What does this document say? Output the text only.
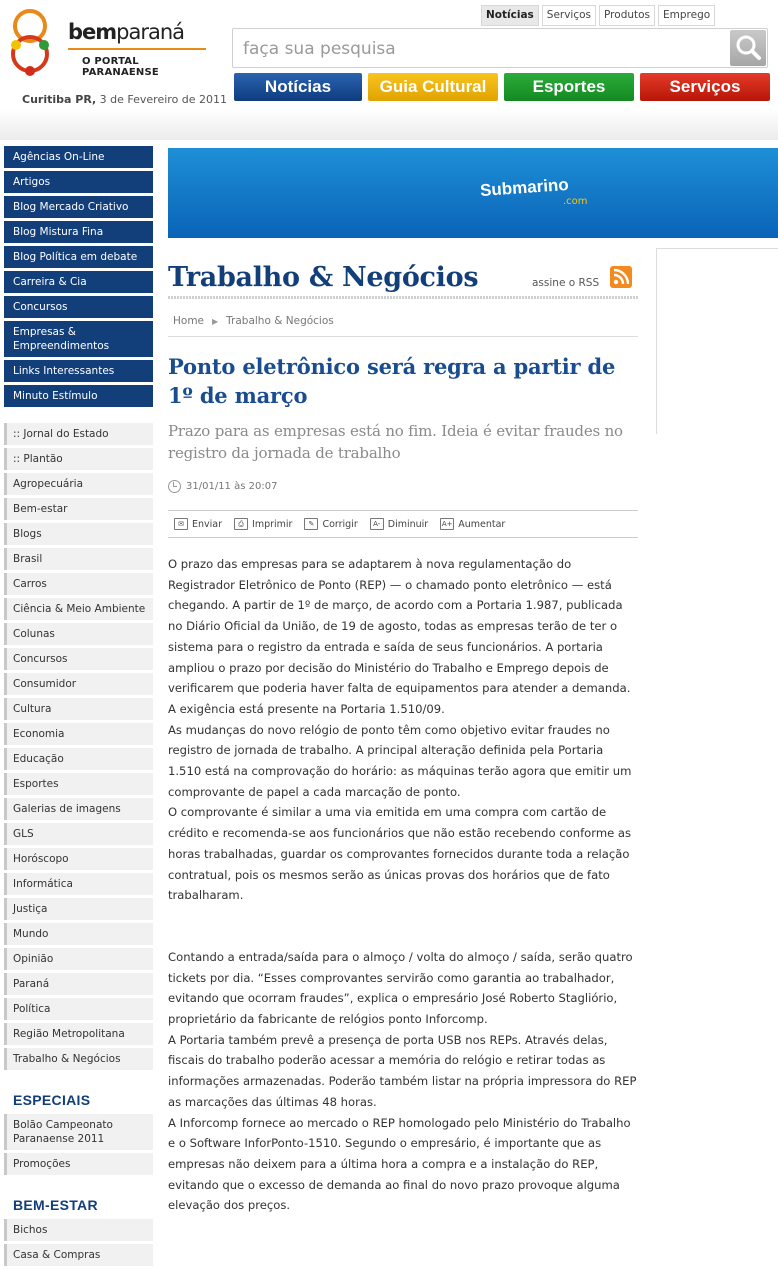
bemparaná
O PORTAL PARANAENSE
Curitiba PR, 3 de Fevereiro de 2011
Notícias	Serviços	Produtos	Emprego
faça sua pesquisa
Notícias	Guia Cultural	Esportes	Serviços
Agências On-Line
Artigos
Blog Mercado Criativo
Blog Mistura Fina
Blog Política em debate
Carreira & Cia
Concursos
Empresas & Empreendimentos
Links Interessantes
Minuto Estímulo
:: Jornal do Estado
:: Plantão
Agropecuária
Bem-estar
Blogs
Brasil
Carros
Ciência & Meio Ambiente
Colunas
Concursos
Consumidor
Cultura
Economia
Educação
Esportes
Galerias de imagens
GLS
Horóscopo
Informática
Justiça
Mundo
Opinião
Paraná
Política
Região Metropolitana
Trabalho & Negócios
ESPECIAIS
Bolão Campeonato Paranaense 2011
Promoções
BEM-ESTAR
Bichos
Casa & Compras
Submarino
.com
Trabalho & Negócios	assine o RSS
Home ▶ Trabalho & Negócios
Ponto eletrônico será regra a partir de 1º de março
Prazo para as empresas está no fim. Ideia é evitar fraudes no registro da jornada de trabalho
31/01/11 às 20:07
✉ Enviar	⎙ Imprimir	✎ Corrigir	A- Diminuir A+ Aumentar

O prazo das empresas para se adaptarem à nova regulamentação do Registrador Eletrônico de Ponto (REP) — o chamado ponto eletrônico — está chegando. A partir de 1º de março, de acordo com a Portaria 1.987, publicada no Diário Oficial da União, de 19 de agosto, todas as empresas terão de ter o sistema para o registro da entrada e saída de seus funcionários. A portaria ampliou o prazo por decisão do Ministério do Trabalho e Emprego depois de verificarem que poderia haver falta de equipamentos para atender a demanda. A exigência está presente na Portaria 1.510/09.

As mudanças do novo relógio de ponto têm como objetivo evitar fraudes no registro de jornada de trabalho. A principal alteração definida pela Portaria 1.510 está na comprovação do horário: as máquinas terão agora que emitir um comprovante de papel a cada marcação de ponto.

O comprovante é similar a uma via emitida em uma compra com cartão de crédito e recomenda-se aos funcionários que não estão recebendo conforme as horas trabalhadas, guardar os comprovantes fornecidos durante toda a relação contratual, pois os mesmos serão as únicas provas dos horários que de fato trabalharam.

Contando a entrada/saída para o almoço / volta do almoço / saída, serão quatro tickets por dia. “Esses comprovantes servirão como garantia ao trabalhador, evitando que ocorram fraudes”, explica o empresário José Roberto Stagliório, proprietário da fabricante de relógios ponto Inforcomp.

A Portaria também prevê a presença de porta USB nos REPs. Através delas, fiscais do trabalho poderão acessar a memória do relógio e retirar todas as informações armazenadas. Poderão também listar na própria impressora do REP as marcações das últimas 48 horas.

A Inforcomp fornece ao mercado o REP homologado pelo Ministério do Trabalho e o Software InforPonto-1510. Segundo o empresário, é importante que as empresas não deixem para a última hora a compra e a instalação do REP, evitando que o excesso de demanda ao final do novo prazo provoque alguma elevação dos preços.
